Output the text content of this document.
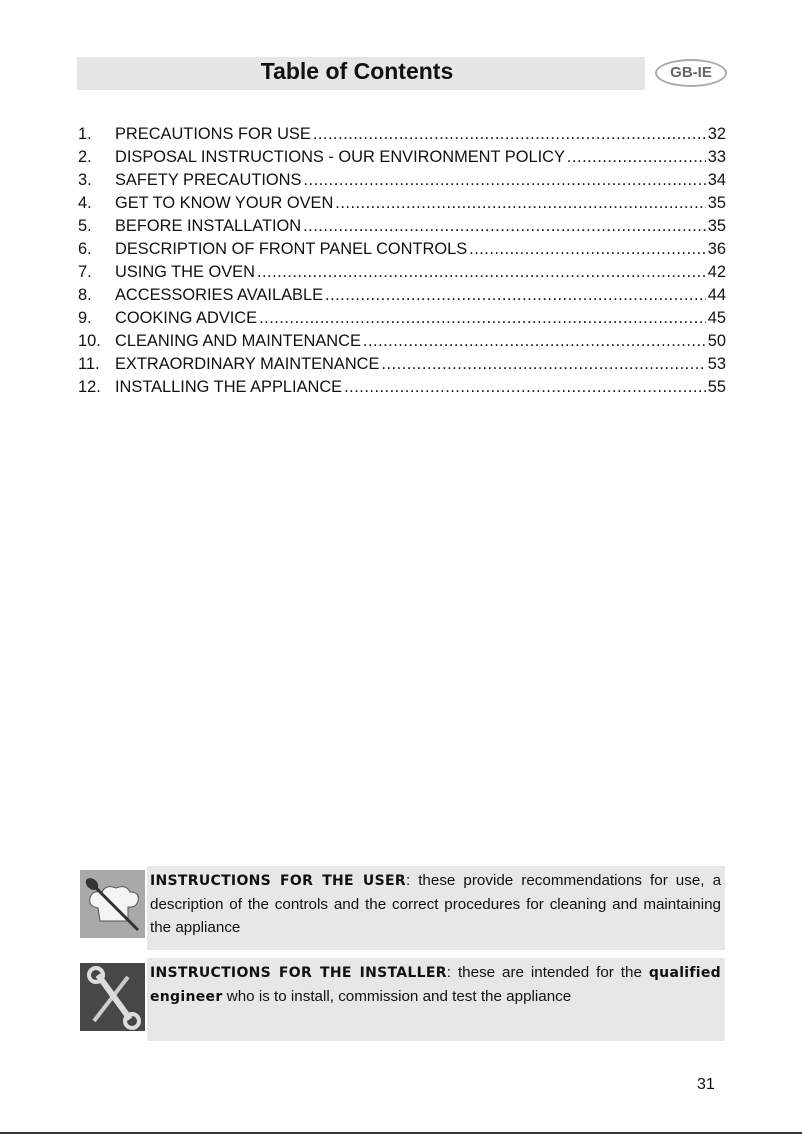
Table of Contents	GB-IE
1.	PRECAUTIONS FOR USE .....	32
2.	DISPOSAL INSTRUCTIONS - OUR ENVIRONMENT POLICY .....	33
3.	SAFETY PRECAUTIONS .....	34
4.	GET TO KNOW YOUR OVEN .....	35
5.	BEFORE INSTALLATION .....	35
6.	DESCRIPTION OF FRONT PANEL CONTROLS .....	36
7.	USING THE OVEN .....	42
8.	ACCESSORIES AVAILABLE .....	44
9.	COOKING ADVICE .....	45
10. CLEANING AND MAINTENANCE .....	50
11. EXTRAORDINARY MAINTENANCE .....	53
12. INSTALLING THE APPLIANCE .....	55
INSTRUCTIONS FOR THE USER: these provide recommendations for use, a description of the controls and the correct procedures for cleaning and maintaining the appliance
INSTRUCTIONS FOR THE INSTALLER: these are intended for the qualified engineer who is to install, commission and test the appliance
31
